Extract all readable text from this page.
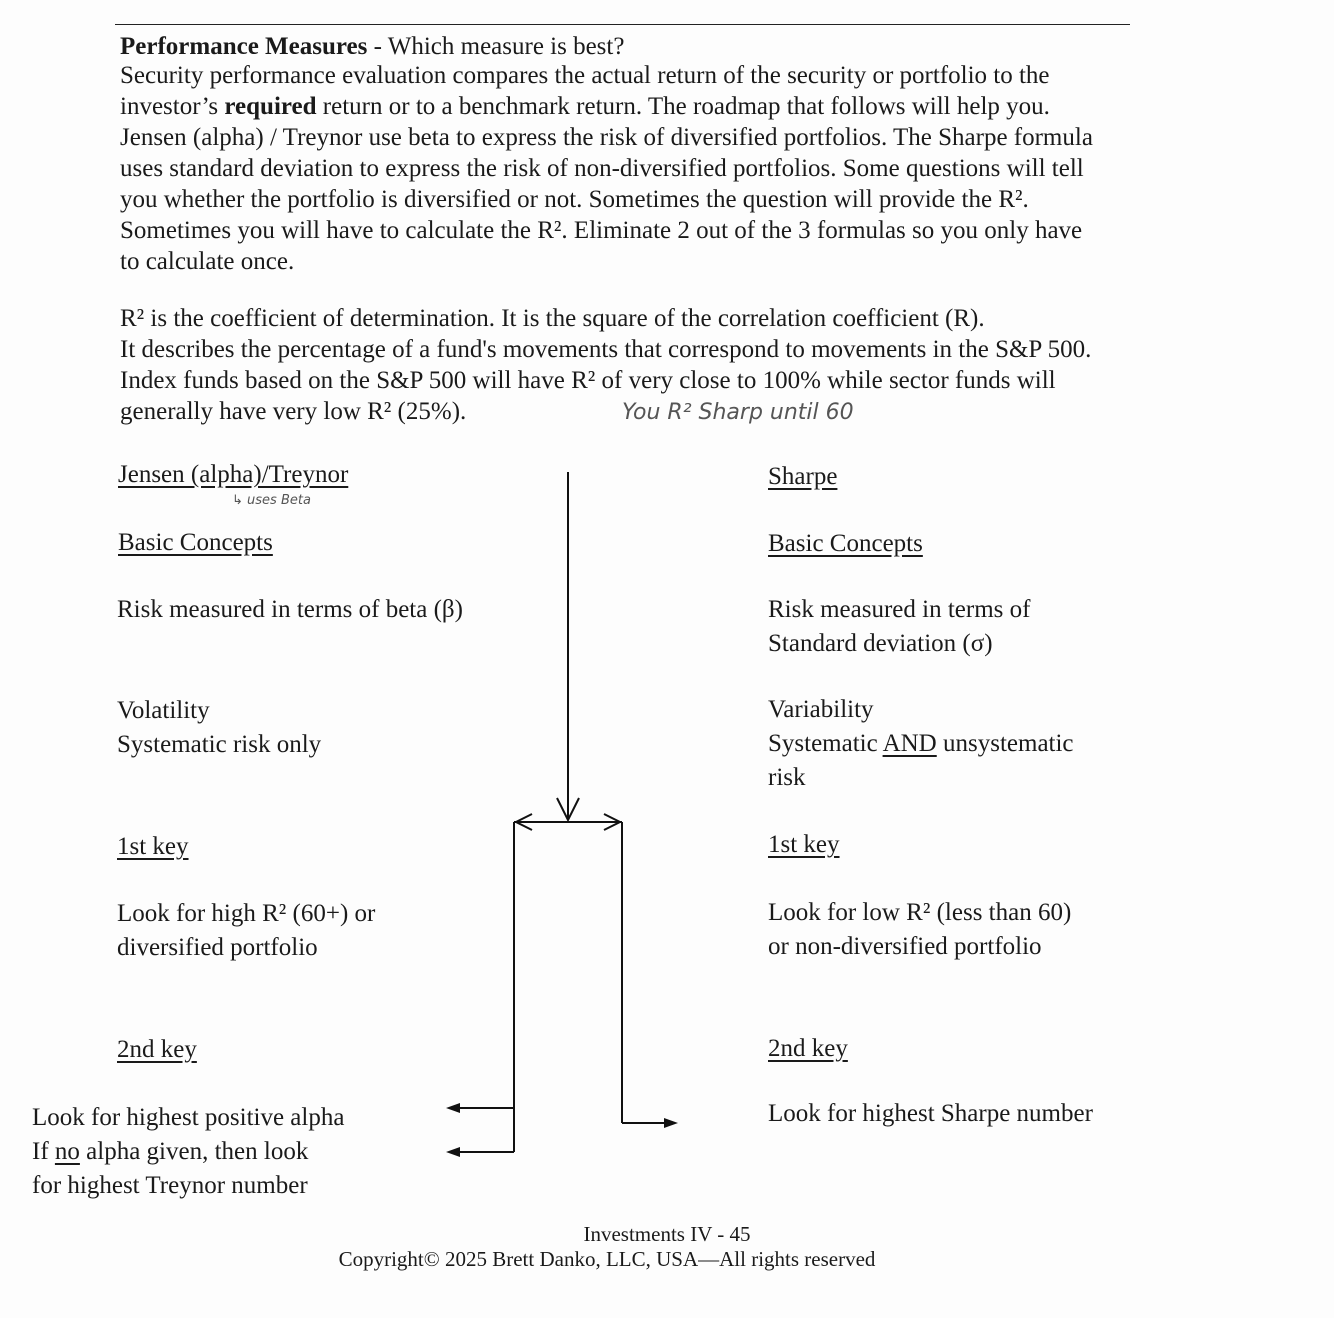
Performance Measures - Which measure is best?
Security performance evaluation compares the actual return of the security or portfolio to the
investor’s required return or to a benchmark return. The roadmap that follows will help you.
Jensen (alpha) / Treynor use beta to express the risk of diversified portfolios. The Sharpe formula
uses standard deviation to express the risk of non-diversified portfolios. Some questions will tell
you whether the portfolio is diversified or not. Sometimes the question will provide the R².
Sometimes you will have to calculate the R². Eliminate 2 out of the 3 formulas so you only have
to calculate once.
R² is the coefficient of determination. It is the square of the correlation coefficient (R).
It describes the percentage of a fund's movements that correspond to movements in the S&P 500.
Index funds based on the S&P 500 will have R² of very close to 100% while sector funds will
generally have very low R² (25%).	You R² Sharp until 60
Jensen (alpha)/Treynor
↳ uses Beta
Basic Concepts
Risk measured in terms of beta (β)
Volatility
Systematic risk only
1st key
Look for high R² (60+) or
diversified portfolio
2nd key
Look for highest positive alpha
If no alpha given, then look
for highest Treynor number
Sharpe
Basic Concepts
Risk measured in terms of
Standard deviation (σ)
Variability
Systematic AND unsystematic
risk
1st key
Look for low R² (less than 60)
or non-diversified portfolio
2nd key
Look for highest Sharpe number
Investments IV - 45
Copyright© 2025 Brett Danko, LLC, USA—All rights reserved
